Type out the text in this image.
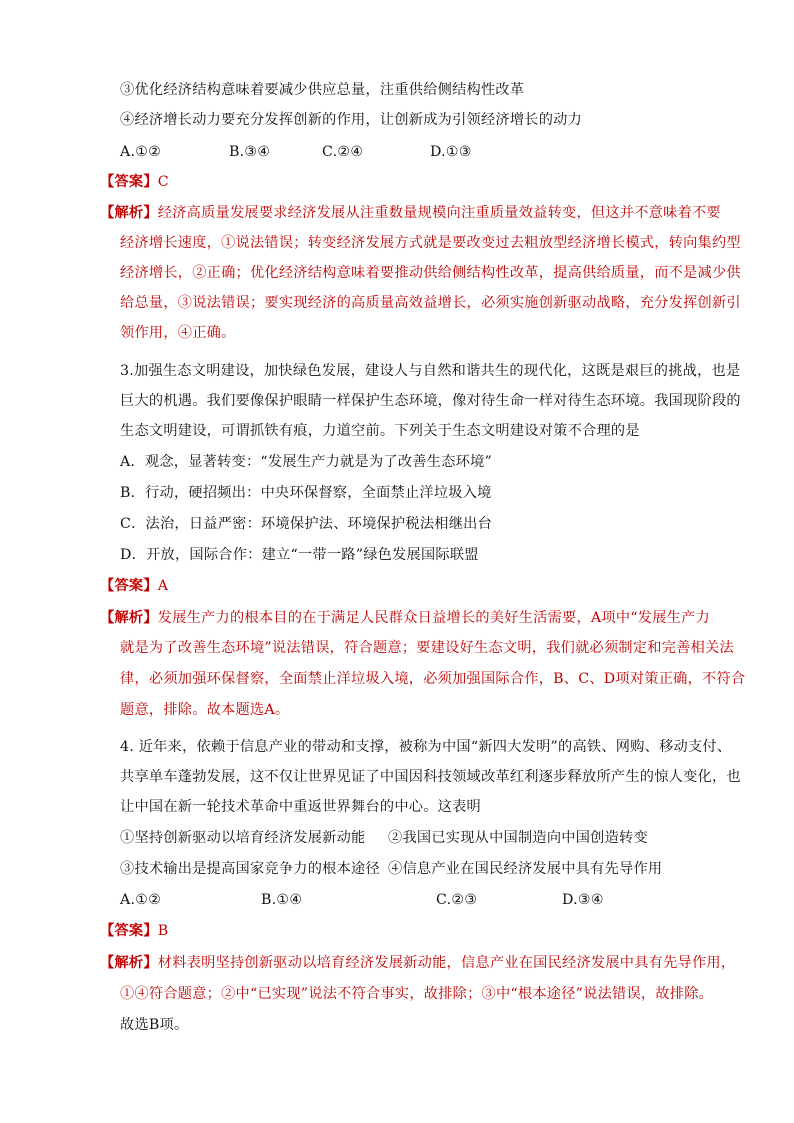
③优化经济结构意味着要减少供应总量，注重供给侧结构性改革
④经济增长动力要充分发挥创新的作用，让创新成为引领经济增长的动力
A.①②	B.③④	C.②④	D.①③
【答案】C
【解析】经济高质量发展要求经济发展从注重数量规模向注重质量效益转变，但这并不意味着不要
经济增长速度，①说法错误；转变经济发展方式就是要改变过去粗放型经济增长模式，转向集约型
经济增长，②正确；优化经济结构意味着要推动供给侧结构性改革，提高供给质量，而不是减少供
给总量，③说法错误；要实现经济的高质量高效益增长，必须实施创新驱动战略，充分发挥创新引
领作用，④正确。
3.加强生态文明建设，加快绿色发展，建设人与自然和谐共生的现代化，这既是艰巨的挑战，也是
巨大的机遇。我们要像保护眼睛一样保护生态环境，像对待生命一样对待生态环境。我国现阶段的
生态文明建设，可谓抓铁有痕，力道空前。下列关于生态文明建设对策不合理的是
A．观念，显著转变：“发展生产力就是为了改善生态环境”
B．行动，硬招频出：中央环保督察，全面禁止洋垃圾入境
C．法治，日益严密：环境保护法、环境保护税法相继出台
D．开放，国际合作：建立“一带一路”绿色发展国际联盟
【答案】A
【解析】发展生产力的根本目的在于满足人民群众日益增长的美好生活需要，A项中“发展生产力
就是为了改善生态环境”说法错误，符合题意；要建设好生态文明，我们就必须制定和完善相关法
律，必须加强环保督察，全面禁止洋垃圾入境，必须加强国际合作，B、C、D项对策正确，不符合
题意，排除。故本题选A。
4. 近年来，依赖于信息产业的带动和支撑，被称为中国“新四大发明”的高铁、网购、移动支付、
共享单车蓬勃发展，这不仅让世界见证了中国因科技领域改革红利逐步释放所产生的惊人变化，也
让中国在新一轮技术革命中重返世界舞台的中心。这表明
①坚持创新驱动以培育经济发展新动能 ②我国已实现从中国制造向中国创造转变
③技术输出是提高国家竞争力的根本途径 ④信息产业在国民经济发展中具有先导作用
A.①②	B.①④	C.②③	D.③④
【答案】B
【解析】材料表明坚持创新驱动以培育经济发展新动能，信息产业在国民经济发展中具有先导作用，
①④符合题意；②中“已实现”说法不符合事实，故排除；③中“根本途径”说法错误，故排除。
故选B项。
